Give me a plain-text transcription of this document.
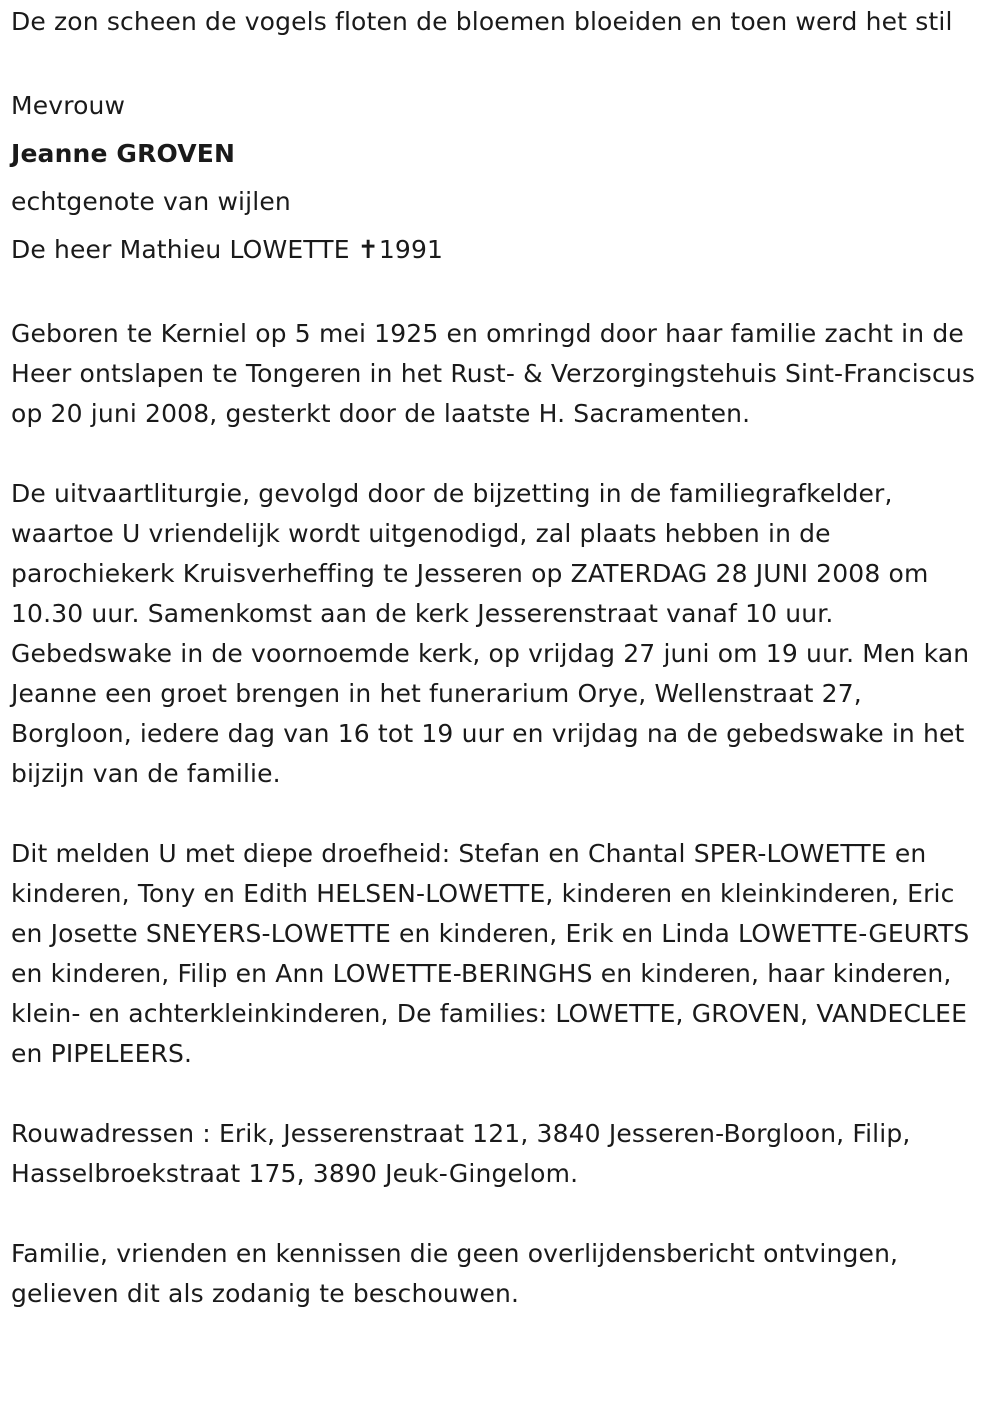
De zon scheen de vogels floten de bloemen bloeiden en toen werd het stil

Mevrouw

Jeanne GROVEN

echtgenote van wijlen

De heer Mathieu LOWETTE ✝1991

Geboren te Kerniel op 5 mei 1925 en omringd door haar familie zacht in de Heer ontslapen te Tongeren in het Rust- & Verzorgingstehuis Sint-Franciscus op 20 juni 2008, gesterkt door de laatste H. Sacramenten.

De uitvaartliturgie, gevolgd door de bijzetting in de familiegrafkelder, waartoe U vriendelijk wordt uitgenodigd, zal plaats hebben in de parochiekerk Kruisverheffing te Jesseren op ZATERDAG 28 JUNI 2008 om 10.30 uur. Samenkomst aan de kerk Jesserenstraat vanaf 10 uur. Gebedswake in de voornoemde kerk, op vrijdag 27 juni om 19 uur. Men kan Jeanne een groet brengen in het funerarium Orye, Wellenstraat 27, Borgloon, iedere dag van 16 tot 19 uur en vrijdag na de gebedswake in het bijzijn van de familie.

Dit melden U met diepe droefheid: Stefan en Chantal SPER-LOWETTE en kinderen, Tony en Edith HELSEN-LOWETTE, kinderen en kleinkinderen, Eric en Josette SNEYERS-LOWETTE en kinderen, Erik en Linda LOWETTE-GEURTS en kinderen, Filip en Ann LOWETTE-BERINGHS en kinderen, haar kinderen, klein- en achterkleinkinderen, De families: LOWETTE, GROVEN, VANDECLEE en PIPELEERS.

Rouwadressen : Erik, Jesserenstraat 121, 3840 Jesseren-Borgloon, Filip, Hasselbroekstraat 175, 3890 Jeuk-Gingelom.

Familie, vrienden en kennissen die geen overlijdensbericht ontvingen, gelieven dit als zodanig te beschouwen.
